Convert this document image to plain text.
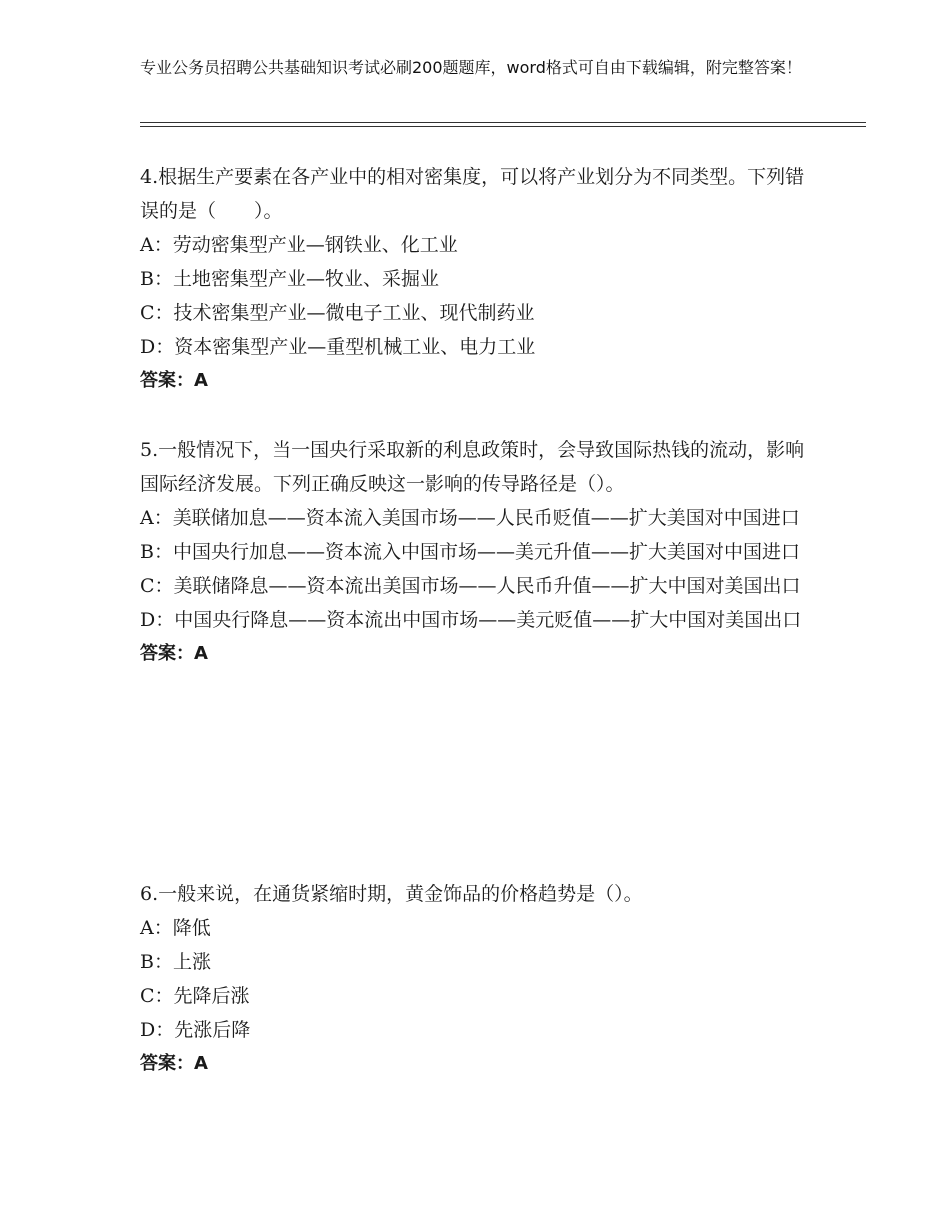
专业公务员招聘公共基础知识考试必刷200题题库，word格式可自由下载编辑，附完整答案！
4.根据生产要素在各产业中的相对密集度，可以将产业划分为不同类型。下列错误的是（　　）。
A：劳动密集型产业—钢铁业、化工业
B：土地密集型产业—牧业、采掘业
C：技术密集型产业—微电子工业、现代制药业
D：资本密集型产业—重型机械工业、电力工业
答案：A
5.一般情况下，当一国央行采取新的利息政策时，会导致国际热钱的流动，影响国际经济发展。下列正确反映这一影响的传导路径是（）。
A：美联储加息——资本流入美国市场——人民币贬值——扩大美国对中国进口
B：中国央行加息——资本流入中国市场——美元升值——扩大美国对中国进口
C：美联储降息——资本流出美国市场——人民币升值——扩大中国对美国出口
D：中国央行降息——资本流出中国市场——美元贬值——扩大中国对美国出口
答案：A
6.一般来说，在通货紧缩时期，黄金饰品的价格趋势是（）。
A：降低
B：上涨
C：先降后涨
D：先涨后降
答案：A
